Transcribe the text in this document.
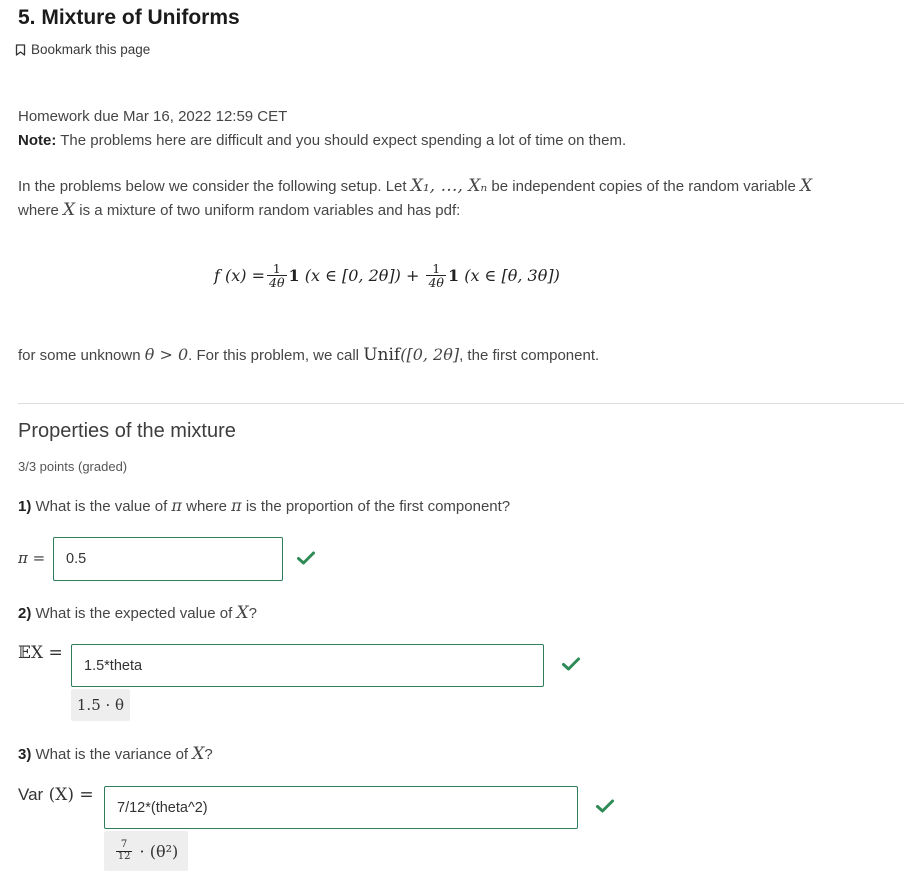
5. Mixture of Uniforms
Bookmark this page
Homework due Mar 16, 2022 12:59 CET
Note: The problems here are difficult and you should expect spending a lot of time on them.
In the problems below we consider the following setup. Let X₁, …, Xₙ be independent copies of the random variable X
where X is a mixture of two uniform random variables and has pdf:
f $(x) = \frac{1}{4\theta} 1$ (x ∈ [0, $2\theta]) + \frac{1}{4\theta} 1$ (x ∈ [θ, 3θ])
for some unknown θ > 0. For this problem, we call Unif([0, 2θ], the first component.
Properties of the mixture
3/3 points (graded)
1) What is the value of π where π is the proportion of the first component?
π =	0.5
2) What is the expected value of X?
𝔼X =
1.5*theta
1.5 · θ
3) What is the variance of X?
Var (X) =
7/12*(theta^2)
$\frac{7}{12} \cdot (\theta^2)$
